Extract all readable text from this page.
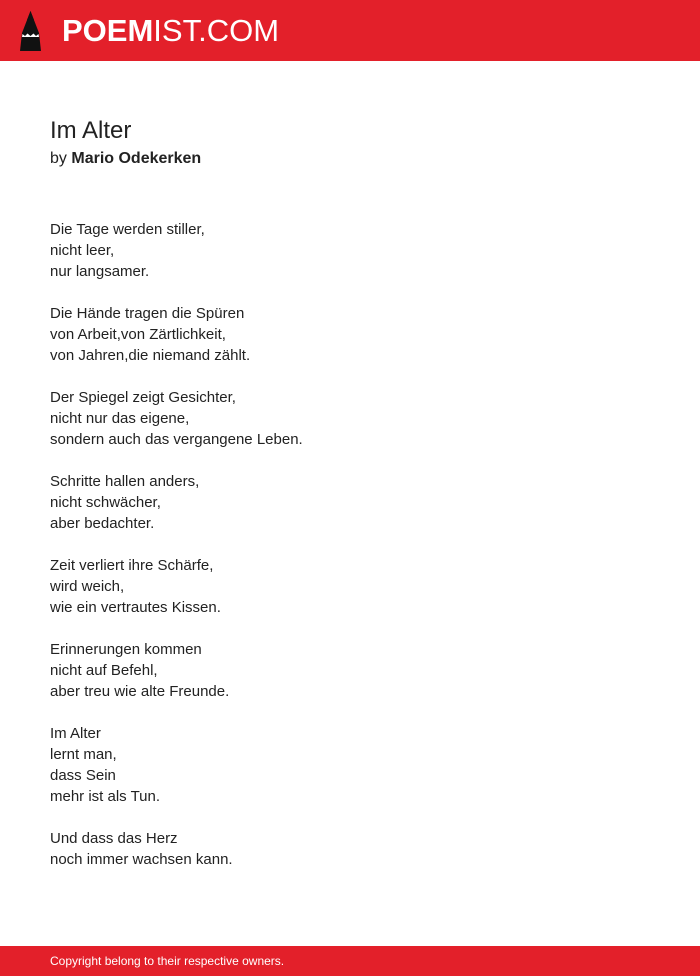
POEMIST.COM
Im Alter
by Mario Odekerken
Die Tage werden stiller,
nicht leer,
nur langsamer.
Die Hände tragen die Spüren
von Arbeit,von Zärtlichkeit,
von Jahren,die niemand zählt.
Der Spiegel zeigt Gesichter,
nicht nur das eigene,
sondern auch das vergangene Leben.
Schritte hallen anders,
nicht schwächer,
aber bedachter.
Zeit verliert ihre Schärfe,
wird weich,
wie ein vertrautes Kissen.
Erinnerungen kommen
nicht auf Befehl,
aber treu wie alte Freunde.
Im Alter
lernt man,
dass Sein
mehr ist als Tun.
Und dass das Herz
noch immer wachsen kann.
Copyright belong to their respective owners.
